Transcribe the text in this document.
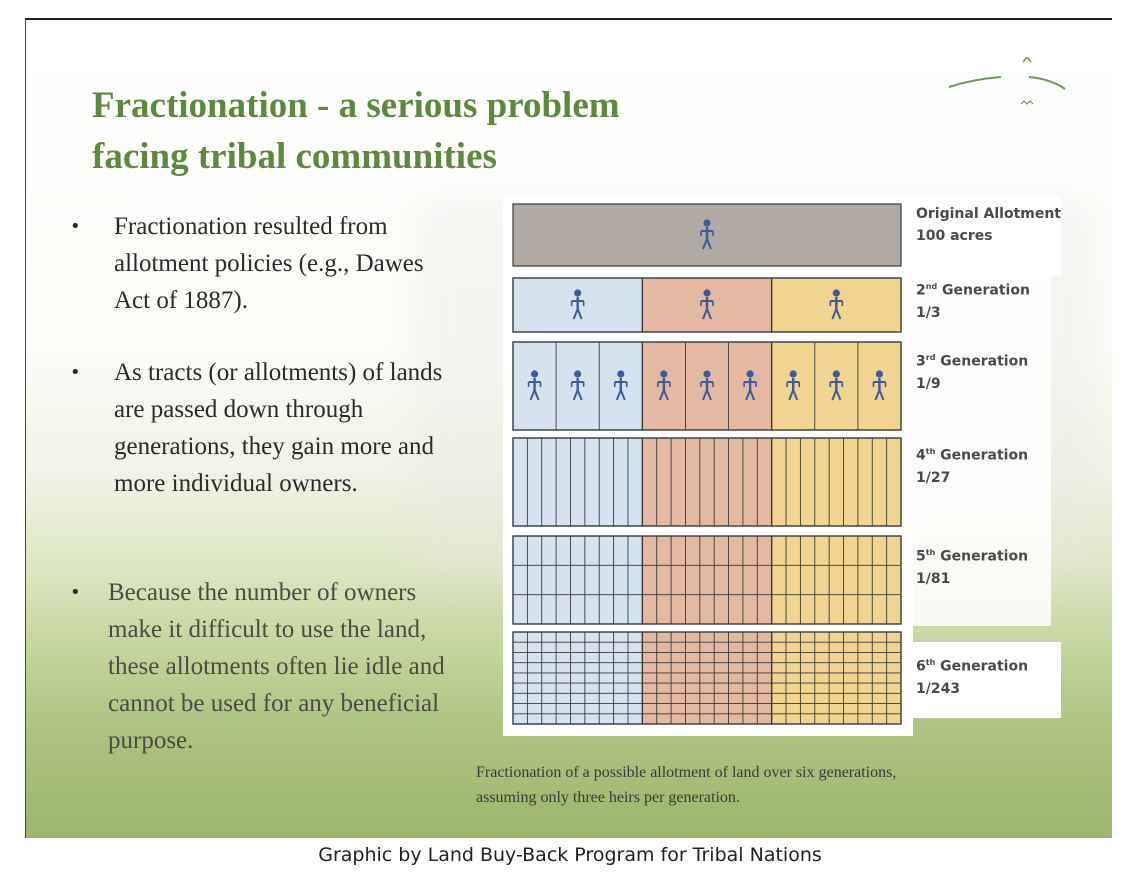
Fractionation - a serious problem
facing tribal communities
•	Fractionation resulted from allotment policies (e.g., Dawes Act of 1887).
•	As tracts (or allotments) of lands are passed down through generations, they gain more and more individual owners.
•	Because the number of owners make it difficult to use the land, these allotments often lie idle and cannot be used for any beneficial purpose.
Original Allotment
100 acres
2nd Generation
1/3
3rd Generation
1/9
4th Generation
1/27
5th Generation
1/81
6th Generation
1/243
Fractionation of a possible allotment of land over six generations, assuming only three heirs per generation.
Graphic by Land Buy-Back Program for Tribal Nations
